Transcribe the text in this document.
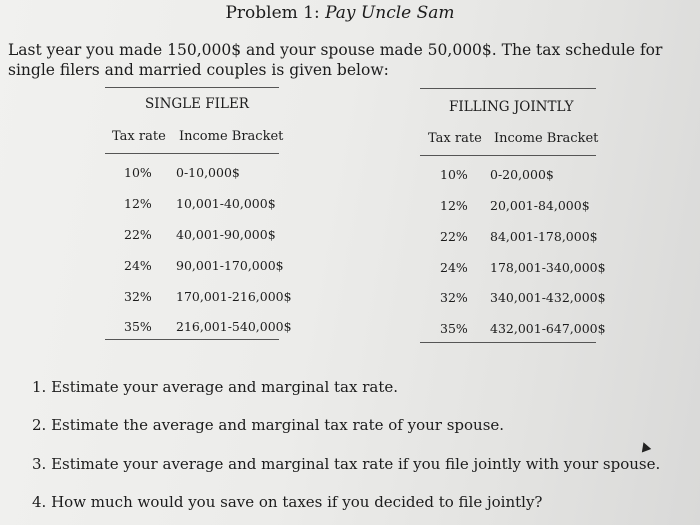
Problem 1: Pay Uncle Sam
Last year you made 150,000$ and your spouse made 50,000$. The tax schedule for single filers and married couples is given below:
SINGLE FILER
Tax rate Income Bracket
10% 0-10,000$
12% 10,001-40,000$
22% 40,001-90,000$
24% 90,001-170,000$
32% 170,001-216,000$
35% 216,001-540,000$
FILLING JOINTLY
Tax rate Income Bracket
10% 0-20,000$
12% 20,001-84,000$
22% 84,001-178,000$
24% 178,001-340,000$
32% 340,001-432,000$
35% 432,001-647,000$
1. Estimate your average and marginal tax rate.
2. Estimate the average and marginal tax rate of your spouse.
3. Estimate your average and marginal tax rate if you file jointly with your spouse.
4. How much would you save on taxes if you decided to file jointly?
